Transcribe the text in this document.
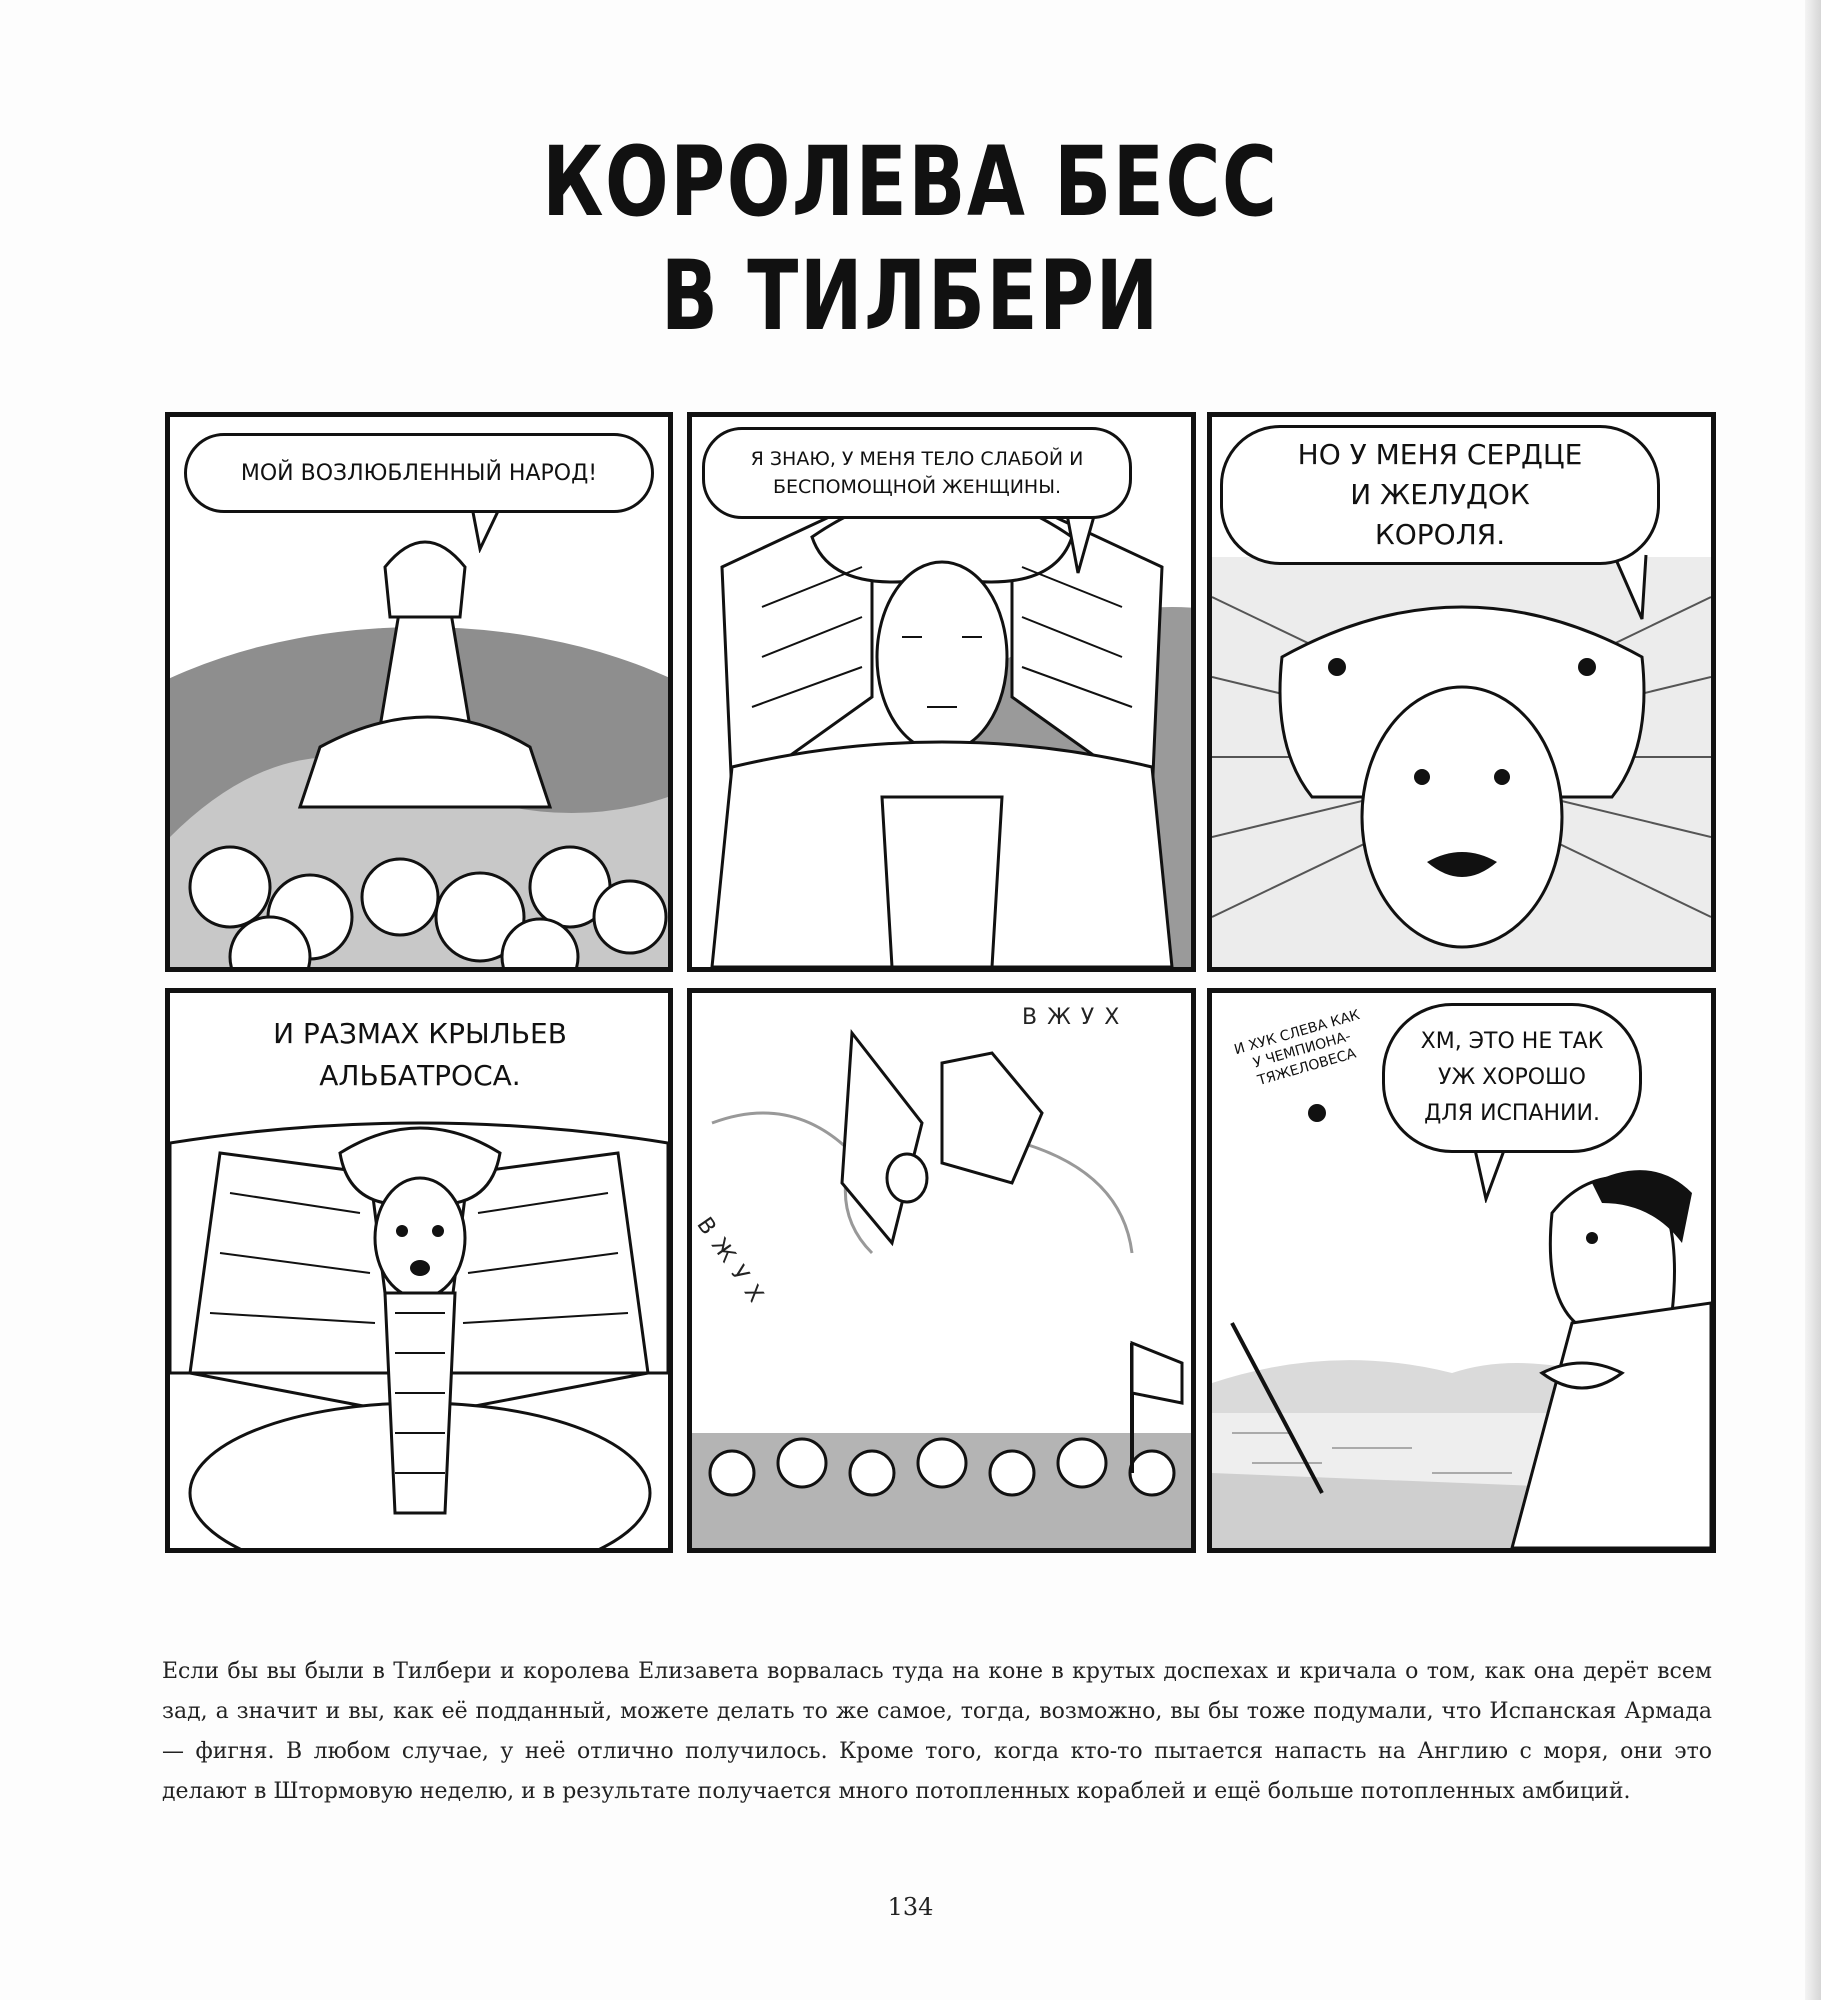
КОРОЛЕВА БЕСС
В ТИЛБЕРИ
МОЙ ВОЗЛЮБЛЕННЫЙ НАРОД!
Я ЗНАЮ, У МЕНЯ ТЕЛО СЛАБОЙ И БЕСПОМОЩНОЙ ЖЕНЩИНЫ.
НО У МЕНЯ СЕРДЦЕ И ЖЕЛУДОК КОРОЛЯ.
И РАЗМАХ КРЫЛЬЕВ АЛЬБАТРОСА.
ВЖУХ
ВЖУХ
И ХУК СЛЕВА КАК У ЧЕМПИОНА-ТЯЖЕЛОВЕСА
ХМ, ЭТО НЕ ТАК УЖ ХОРОШО ДЛЯ ИСПАНИИ.
Если бы вы были в Тилбери и королева Елизавета ворвалась туда на коне в крутых доспехах и кричала о том, как она дерёт всем зад, а значит и вы, как её подданный, можете делать то же самое, тогда, возможно, вы бы тоже подумали, что Испанская Армада — фигня. В любом случае, у неё отлично получилось. Кроме того, когда кто-то пытается напасть на Англию с моря, они это делают в Штормовую неделю, и в результате получается много потопленных кораблей и ещё больше потопленных амбиций.
134
